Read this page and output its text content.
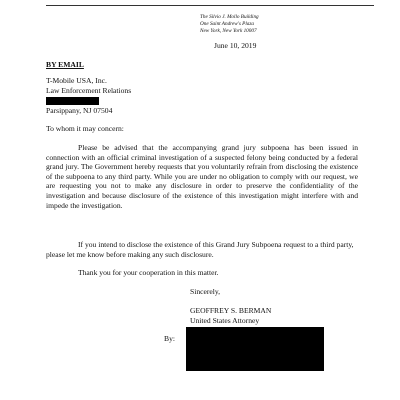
The Silvio J. Mollo Building
One Saint Andrew's Plaza
New York, New York 10007
June 10, 2019
BY EMAIL
T-Mobile USA, Inc.
Law Enforcement Relations
Parsippany, NJ 07504
To whom it may concern:
Please be advised that the accompanying grand jury subpoena has been issued in connection with an official criminal investigation of a suspected felony being conducted by a federal grand jury. The Government hereby requests that you voluntarily refrain from disclosing the existence of the subpoena to any third party. While you are under no obligation to comply with our request, we are requesting you not to make any disclosure in order to preserve the confidentiality of the investigation and because disclosure of the existence of this investigation might interfere with and impede the investigation.
If you intend to disclose the existence of this Grand Jury Subpoena request to a third party, please let me know before making any such disclosure.
Thank you for your cooperation in this matter.
Sincerely,
GEOFFREY S. BERMAN
United States Attorney
By:
